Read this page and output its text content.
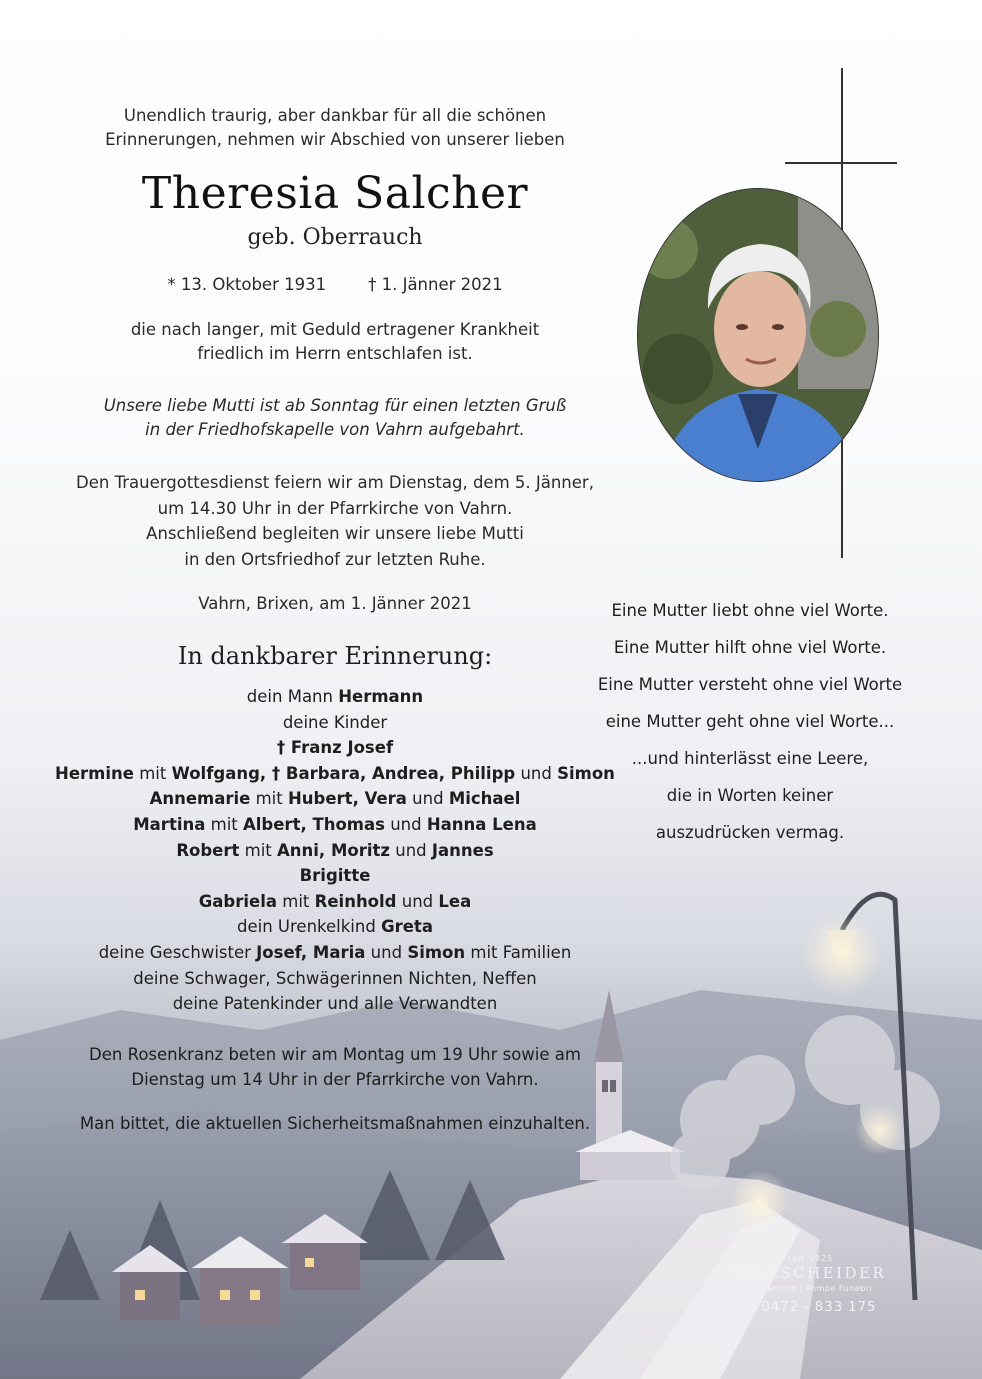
Unendlich traurig, aber dankbar für all die schönen
Erinnerungen, nehmen wir Abschied von unserer lieben
Theresia Salcher
geb. Oberrauch
* 13. Oktober 1931	† 1. Jänner 2021
die nach langer, mit Geduld ertragener Krankheit
friedlich im Herrn entschlafen ist.
Unsere liebe Mutti ist ab Sonntag für einen letzten Gruß
in der Friedhofskapelle von Vahrn aufgebahrt.
Den Trauergottesdienst feiern wir am Dienstag, dem 5. Jänner,
um 14.30 Uhr in der Pfarrkirche von Vahrn.
Anschließend begleiten wir unsere liebe Mutti
in den Ortsfriedhof zur letzten Ruhe.
Vahrn, Brixen, am 1. Jänner 2021
In dankbarer Erinnerung:
dein Mann Hermann
deine Kinder
† Franz Josef
Hermine mit Wolfgang, † Barbara, Andrea, Philipp und Simon
Annemarie mit Hubert, Vera und Michael
Martina mit Albert, Thomas und Hanna Lena
Robert mit Anni, Moritz und Jannes
Brigitte
Gabriela mit Reinhold und Lea
dein Urenkelkind Greta
deine Geschwister Josef, Maria und Simon mit Familien
deine Schwager, Schwägerinnen Nichten, Neffen
deine Patenkinder und alle Verwandten
Den Rosenkranz beten wir am Montag um 19 Uhr sowie am
Dienstag um 14 Uhr in der Pfarrkirche von Vahrn.
Man bittet, die aktuellen Sicherheitsmaßnahmen einzuhalten.
Eine Mutter liebt ohne viel Worte.
Eine Mutter hilft ohne viel Worte.
Eine Mutter versteht ohne viel Worte
eine Mutter geht ohne viel Worte...
...und hinterlässt eine Leere,
die in Worten keiner
auszudrücken vermag.
seit 1925
VILLSCHEIDER
Bestattung | Pompe Funebri
T. 0472 - 833 175
